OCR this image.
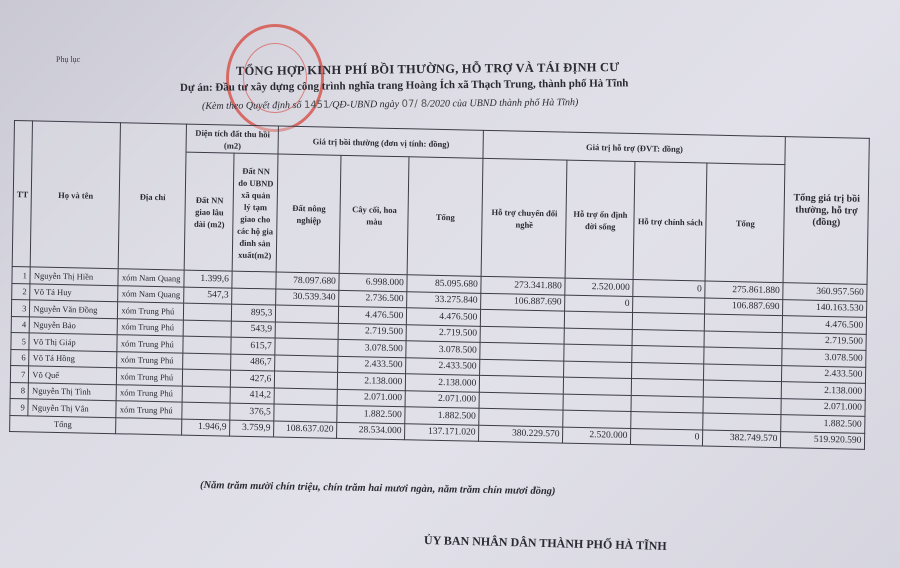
Phụ lục
TỔNG HỢP KINH PHÍ BỒI THƯỜNG, HỖ TRỢ VÀ TÁI ĐỊNH CƯ
Dự án: Đầu tư xây dựng công trình nghĩa trang Hoàng Ích xã Thạch Trung, thành phố Hà Tĩnh
(Kèm theo Quyết định số 1451/QĐ-UBND ngày 07/ 8/2020 của UBND thành phố Hà Tĩnh)
TT	Họ và tên	Địa chỉ	Diện tích đất thu hồi (m2)		Giá trị bồi thường (đơn vị tính: đồng)			Giá trị hỗ trợ (ĐVT: đồng)				Tổng giá trị bồi thường, hỗ trợ (đồng)
			Đất NN giao lâu dài (m2)	Đất NN do UBND xã quản lý tạm giao cho các hộ gia đình sản xuất(m2)	Đất nông nghiệp	Cây cối, hoa màu	Tổng	Hỗ trợ chuyển đổi nghề	Hỗ trợ ổn định đời sống	Hỗ trợ chính sách	Tổng	
1	Nguyễn Thị Hiền	xóm Nam Quang	1.399,6		78.097.680	6.998.000	85.095.680	273.341.880	2.520.000	0	275.861.880	360.957.560
2	Võ Tá Huy	xóm Nam Quang	547,3		30.539.340	2.736.500	33.275.840	106.887.690	0		106.887.690	140.163.530
3	Nguyễn Văn Đồng	xóm Trung Phú		895,3		4.476.500	4.476.500					4.476.500
4	Nguyễn Bảo	xóm Trung Phú		543,9		2.719.500	2.719.500					2.719.500
5	Võ Thị Giáp	xóm Trung Phú		615,7		3.078.500	3.078.500					3.078.500
6	Võ Tá Hồng	xóm Trung Phú		486,7		2.433.500	2.433.500					2.433.500
7	Võ Quế	xóm Trung Phú		427,6		2.138.000	2.138.000					2.138.000
8	Nguyễn Thị Tình	xóm Trung Phú		414,2		2.071.000	2.071.000					2.071.000
9	Nguyễn Thị Vân	xóm Trung Phú		376,5		1.882.500	1.882.500					1.882.500
Tổng			1.946,9	3.759,9	108.637.020	28.534.000	137.171.020	380.229.570	2.520.000	0	382.749.570	519.920.590
(Năm trăm mười chín triệu, chín trăm hai mươi ngàn, năm trăm chín mươi đồng)
ỦY BAN NHÂN DÂN THÀNH PHỐ HÀ TĨNH
